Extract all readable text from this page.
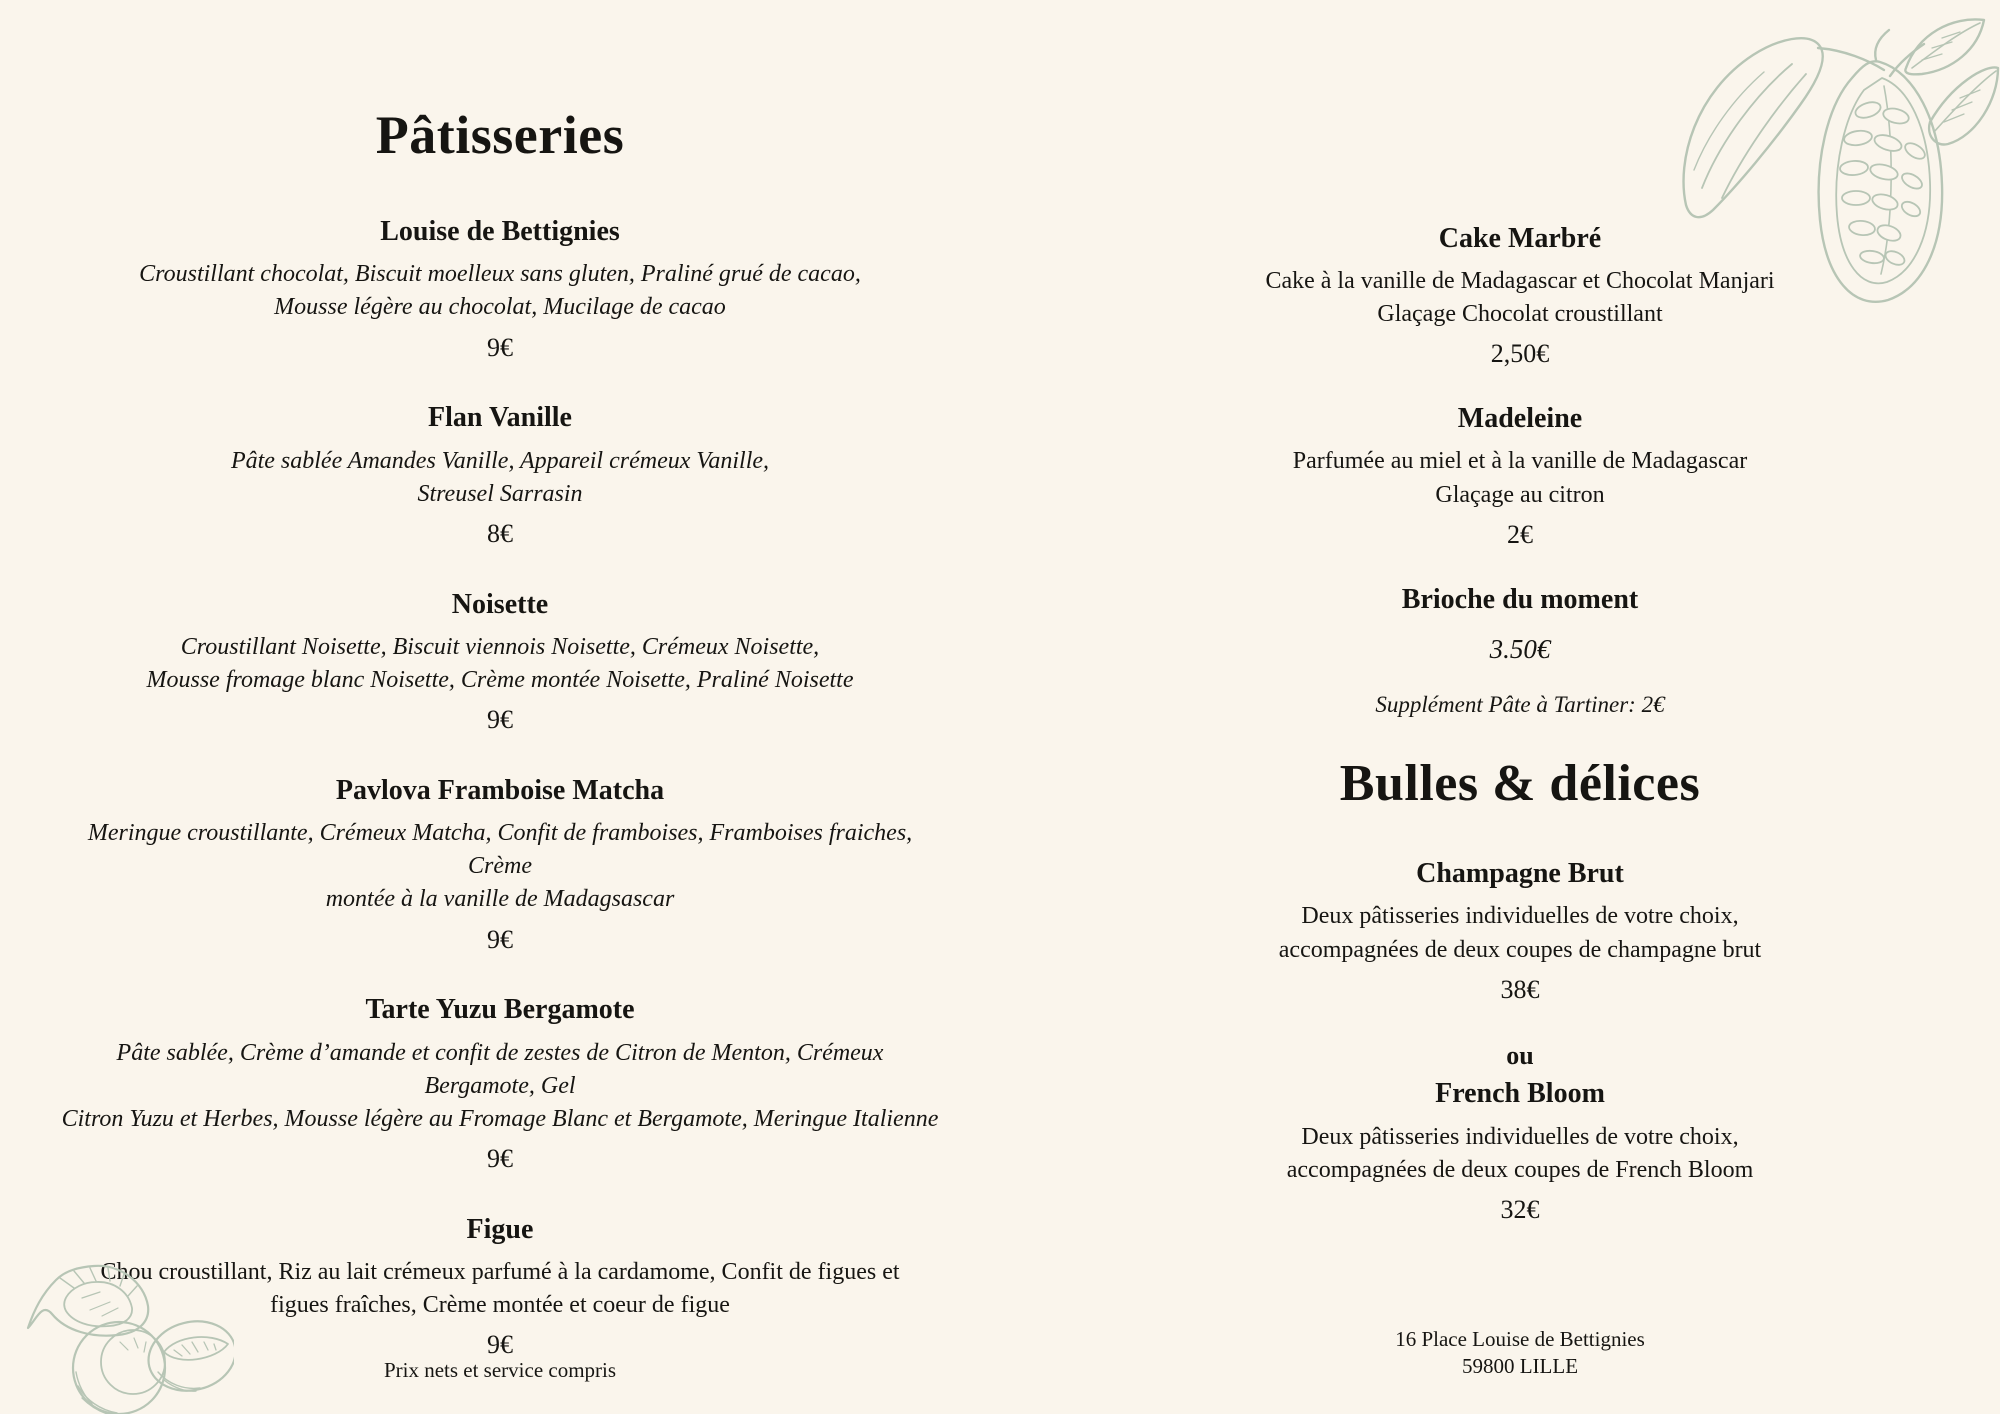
Pâtisseries
Louise de Bettignies

Croustillant chocolat, Biscuit moelleux sans gluten, Praliné grué de cacao,

Mousse légère au chocolat, Mucilage de cacao

9€
Flan Vanille

Pâte sablée Amandes Vanille, Appareil crémeux Vanille,

Streusel Sarrasin

8€
Noisette

Croustillant Noisette, Biscuit viennois Noisette, Crémeux Noisette,

Mousse fromage blanc Noisette, Crème montée Noisette, Praliné Noisette

9€
Pavlova Framboise Matcha

Meringue croustillante, Crémeux Matcha, Confit de framboises, Framboises fraiches, Crème

montée à la vanille de Madagsascar

9€
Tarte Yuzu Bergamote

Pâte sablée, Crème d’amande et confit de zestes de Citron de Menton, Crémeux Bergamote, Gel

Citron Yuzu et Herbes, Mousse légère au Fromage Blanc et Bergamote, Meringue Italienne

9€
Figue

Chou croustillant, Riz au lait crémeux parfumé à la cardamome, Confit de figues et

figues fraîches, Crème montée et coeur de figue

9€
Cake Marbré

Cake à la vanille de Madagascar et Chocolat Manjari

Glaçage Chocolat croustillant

2,50€
Madeleine

Parfumée au miel et à la vanille de Madagascar

Glaçage au citron

2€
Brioche du moment
3.50€

Supplément Pâte à Tartiner: 2€

Bulles & délices
Champagne Brut

Deux pâtisseries individuelles de votre choix,

accompagnées de deux coupes de champagne brut

38€
ou
French Bloom

Deux pâtisseries individuelles de votre choix,

accompagnées de deux coupes de French Bloom

32€
Prix nets et service compris
16 Place Louise de Bettignies
59800 LILLE
